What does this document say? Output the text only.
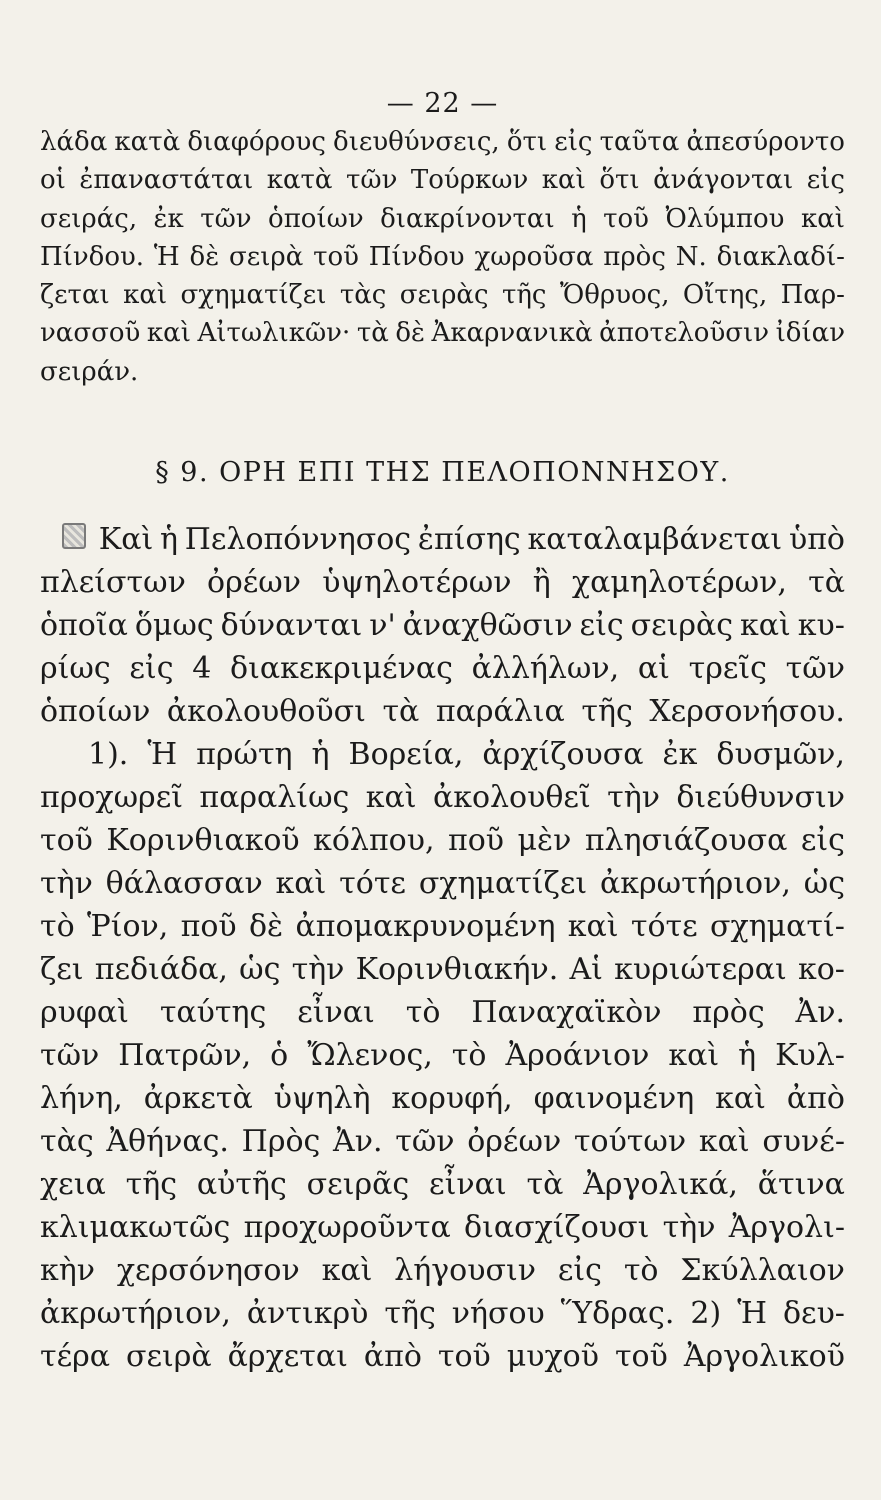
— 22 —
λάδα κατὰ διαφόρους διευθύνσεις, ὅτι εἰς ταῦτα ἀπεσύροντο
οἱ ἐπαναστάται κατὰ τῶν Τούρκων καὶ ὅτι ἀνάγονται εἰς
σειράς, ἐκ τῶν ὁποίων διακρίνονται ἡ τοῦ Ὀλύμπου καὶ
Πίνδου. Ἡ δὲ σειρὰ τοῦ Πίνδου χωροῦσα πρὸς Ν. διακλαδί-
ζεται καὶ σχηματίζει τὰς σειρὰς τῆς Ὄθρυος, Οἴτης, Παρ-
νασσοῦ καὶ Αἰτωλικῶν· τὰ δὲ Ἀκαρνανικὰ ἀποτελοῦσιν ἰδίαν
σειράν.
§ 9. ΟΡΗ ΕΠΙ ΤΗΣ ΠΕΛΟΠΟΝΝΗΣΟΥ.
Καὶ ἡ Πελοπόννησος ἐπίσης καταλαμβάνεται ὑπὸ
πλείστων ὀρέων ὑψηλοτέρων ἢ χαμηλοτέρων, τὰ
ὁποῖα ὅμως δύνανται ν' ἀναχθῶσιν εἰς σειρὰς καὶ κυ-
ρίως εἰς 4 διακεκριμένας ἀλλήλων, αἱ τρεῖς τῶν
ὁποίων ἀκολουθοῦσι τὰ παράλια τῆς Χερσονήσου.
1). Ἡ πρώτη ἡ Βορεία, ἀρχίζουσα ἐκ δυσμῶν,
προχωρεῖ παραλίως καὶ ἀκολουθεῖ τὴν διεύθυνσιν
τοῦ Κορινθιακοῦ κόλπου, ποῦ μὲν πλησιάζουσα εἰς
τὴν θάλασσαν καὶ τότε σχηματίζει ἀκρωτήριον, ὡς
τὸ Ῥίον, ποῦ δὲ ἀπομακρυνομένη καὶ τότε σχηματί-
ζει πεδιάδα, ὡς τὴν Κορινθιακήν. Αἱ κυριώτεραι κο-
ρυφαὶ ταύτης εἶναι τὸ Παναχαϊκὸν πρὸς Ἀν.
τῶν Πατρῶν, ὁ Ὤλενος, τὸ Ἀροάνιον καὶ ἡ Κυλ-
λήνη, ἀρκετὰ ὑψηλὴ κορυφή, φαινομένη καὶ ἀπὸ
τὰς Ἀθήνας. Πρὸς Ἀν. τῶν ὀρέων τούτων καὶ συνέ-
χεια τῆς αὐτῆς σειρᾶς εἶναι τὰ Ἀργολικά, ἅτινα
κλιμακωτῶς προχωροῦντα διασχίζουσι τὴν Ἀργολι-
κὴν χερσόνησον καὶ λήγουσιν εἰς τὸ Σκύλλαιον
ἀκρωτήριον, ἀντικρὺ τῆς νήσου Ὕδρας. 2) Ἡ δευ-
τέρα σειρὰ ἄρχεται ἀπὸ τοῦ μυχοῦ τοῦ Ἀργολικοῦ
